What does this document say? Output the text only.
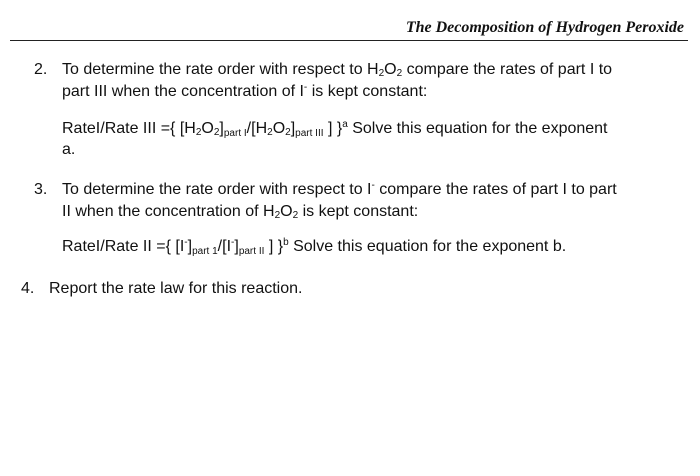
The Decomposition of Hydrogen Peroxide
2. To determine the rate order with respect to $H_2O_2$ compare the rates of part I to
part III when the concentration of I- is kept constant:
RateI/Rate III ={ $[H_2O_2]part$ $I/[H_2O_2]part$ III ] }$^a$ Solve this equation for the exponent
a.
3. To determine the rate order with respect to I- compare the rates of part I to part
II when the concentration of $H_2O_2$ is kept constant:
RateI/Rate II ={ [I-]part 1/[I-]part II ] }$^b$ Solve this equation for the exponent b.
4. Report the rate law for this reaction.
